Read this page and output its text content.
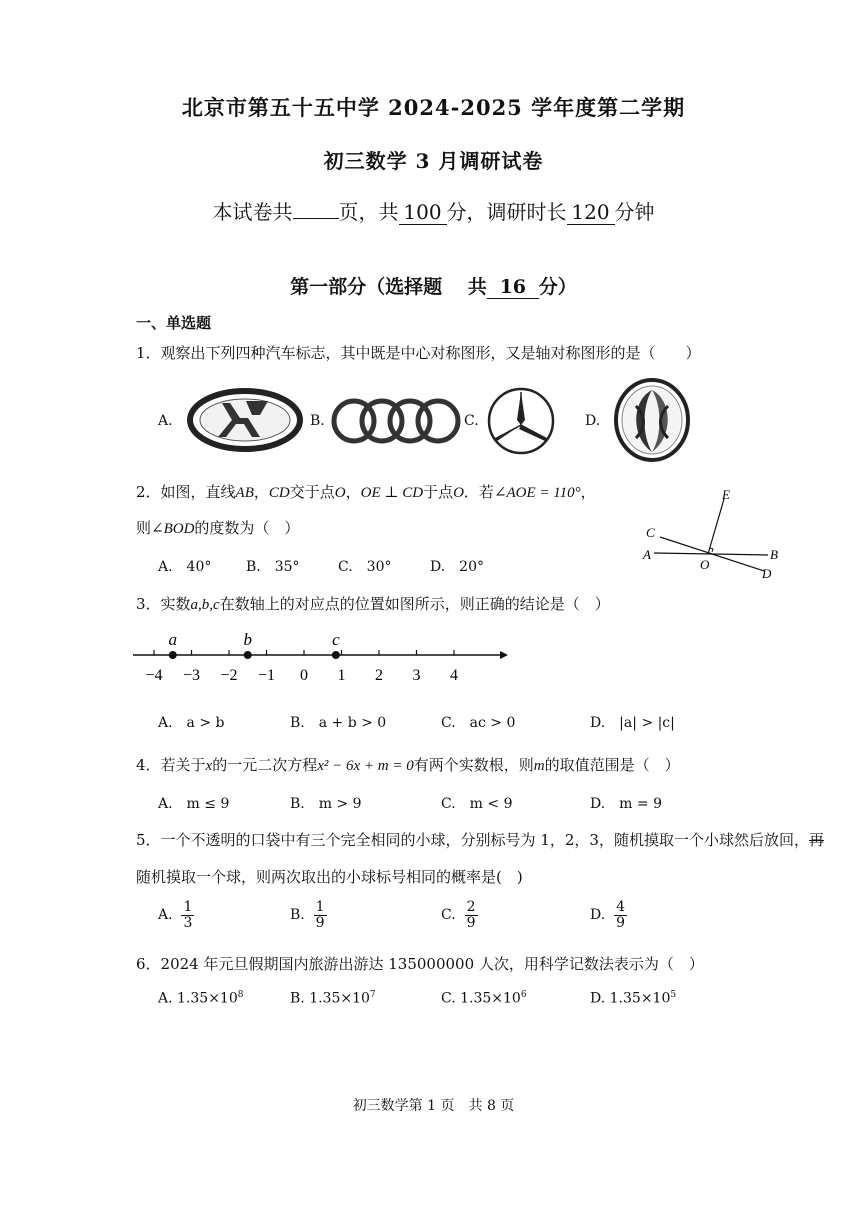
北京市第五十五中学 2024-2025 学年度第二学期
初三数学 3 月调研试卷
本试卷共 页，共 100 分，调研时长 120 分钟
第一部分（选择题　 共 16 分）
一、单选题
1．观察出下列四种汽车标志，其中既是中心对称图形，又是轴对称图形的是（　　）
A.	B.	C.	D.
2．如图，直线AB，CD交于点O，OE ⊥ CD于点O．若∠AOE = 110°，
则∠BOD的度数为（　）
A.　40° B.　35°	C.　30°	D.　20°
E
C
A
O
B
D
3．实数a,b,c在数轴上的对应点的位置如图所示，则正确的结论是（　）
−4 −3 −2 −1 0 1 2 3 4
a	b	c
A.　a > b	B.　a + b > 0	C.　ac > 0	D.　|a| > |c|
4．若关于x的一元二次方程x² − 6x + m = 0有两个实数根，则m的取值范围是（　）
A.　m ≤ 9	B.　m > 9	C.　m < 9	D.　m = 9
5．一个不透明的口袋中有三个完全相同的小球，分别标号为 1，2，3，随机摸取一个小球然后放回，再
随机摸取一个球，则两次取出的小球标号相同的概率是(　)
A. $\frac{1}{3}$	B. $\frac{1}{9}$	C. $\frac{2}{9}$	D. $\frac{4}{9}$
6．2024 年元旦假期国内旅游出游达 135000000 人次，用科学记数法表示为（　）
A. $1.35\times 10^8$	B. $1.35\times 10^7$	C. $1.35\times 10^6$	D. $1.35\times 10^5$
初三数学第 1 页　共 8 页
